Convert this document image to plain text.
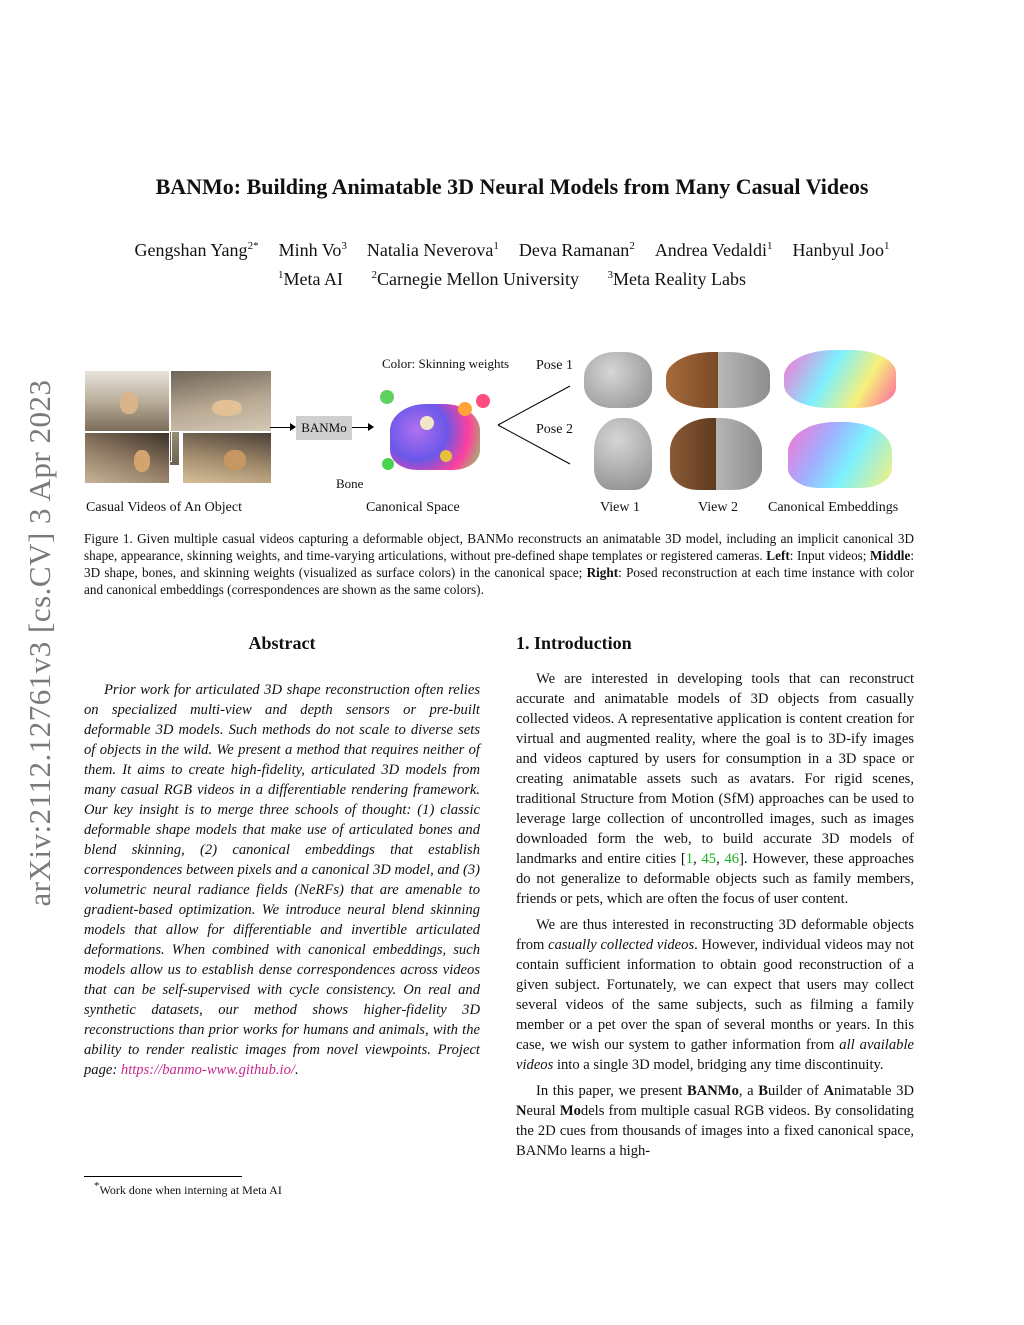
arXiv:2112.12761v3 [cs.CV] 3 Apr 2023
BANMo: Building Animatable 3D Neural Models from Many Casual Videos
Gengshan Yang$^{2*}$ Minh Vo$^3$ Natalia Neverova$^1$ Deva Ramanan$^2$ Andrea Vedaldi$^1$ Hanbyul Joo$^1$
$^1$Meta AI	$^2$Carnegie Mellon University	$^3$Meta Reality Labs
BANMo
Color: Skinning weights
Bone
Pose 1
Pose 2
Casual Videos of An Object	Canonical Space	View 1	View 2 Canonical Embeddings
Figure 1. Given multiple casual videos capturing a deformable object, BANMo reconstructs an animatable 3D model, including an implicit canonical 3D shape, appearance, skinning weights, and time-varying articulations, without pre-defined shape templates or registered cameras. Left: Input videos; Middle: 3D shape, bones, and skinning weights (visualized as surface colors) in the canonical space; Right: Posed reconstruction at each time instance with color and canonical embeddings (correspondences are shown as the same colors).
Abstract
Prior work for articulated 3D shape reconstruction often relies on specialized multi-view and depth sensors or pre-built deformable 3D models. Such methods do not scale to diverse sets of objects in the wild. We present a method that requires neither of them. It aims to create high-fidelity, articulated 3D models from many casual RGB videos in a differentiable rendering framework. Our key insight is to merge three schools of thought: (1) classic deformable shape models that make use of articulated bones and blend skinning, (2) canonical embeddings that establish correspondences between pixels and a canonical 3D model, and (3) volumetric neural radiance fields (NeRFs) that are amenable to gradient-based optimization. We introduce neural blend skinning models that allow for differentiable and invertible articulated deformations. When combined with canonical embeddings, such models allow us to establish dense correspondences across videos that can be self-supervised with cycle consistency. On real and synthetic datasets, our method shows higher-fidelity 3D reconstructions than prior works for humans and animals, with the ability to render realistic images from novel viewpoints. Project page: https://banmo-www.github.io/.
1. Introduction

We are interested in developing tools that can reconstruct accurate and animatable models of 3D objects from casually collected videos. A representative application is content creation for virtual and augmented reality, where the goal is to 3D-ify images and videos captured by users for consumption in a 3D space or creating animatable assets such as avatars. For rigid scenes, traditional Structure from Motion (SfM) approaches can be used to leverage large collection of uncontrolled images, such as images downloaded form the web, to build accurate 3D models of landmarks and entire cities [1, 45, 46]. However, these approaches do not generalize to deformable objects such as family members, friends or pets, which are often the focus of user content.

We are thus interested in reconstructing 3D deformable objects from casually collected videos. However, individual videos may not contain sufficient information to obtain good reconstruction of a given subject. Fortunately, we can expect that users may collect several videos of the same subjects, such as filming a family member or a pet over the span of several months or years. In this case, we wish our system to gather information from all available videos into a single 3D model, bridging any time discontinuity.

In this paper, we present BANMo, a Builder of Animatable 3D Neural Models from multiple casual RGB videos. By consolidating the 2D cues from thousands of images into a fixed canonical space, BANMo learns a high-

*Work done when interning at Meta AI
